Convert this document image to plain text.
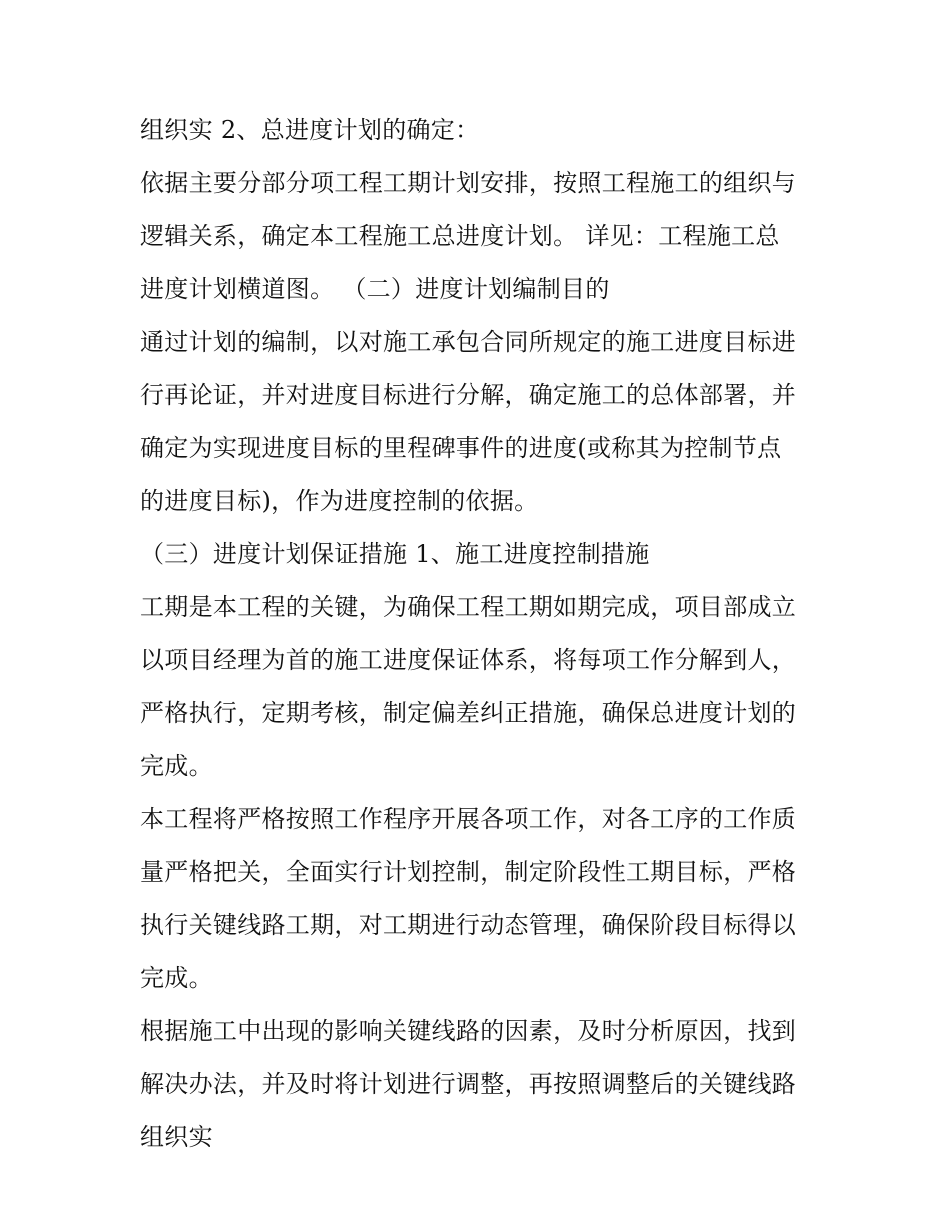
组织实 2、总进度计划的确定：
依据主要分部分项工程工期计划安排，按照工程施工的组织与
逻辑关系，确定本工程施工总进度计划。 详见：工程施工总
进度计划横道图。 （二）进度计划编制目的
通过计划的编制，以对施工承包合同所规定的施工进度目标进
行再论证，并对进度目标进行分解，确定施工的总体部署，并
确定为实现进度目标的里程碑事件的进度(或称其为控制节点
的进度目标)，作为进度控制的依据。
（三）进度计划保证措施 1、施工进度控制措施
工期是本工程的关键，为确保工程工期如期完成，项目部成立
以项目经理为首的施工进度保证体系，将每项工作分解到人，
严格执行，定期考核，制定偏差纠正措施，确保总进度计划的
完成。
本工程将严格按照工作程序开展各项工作，对各工序的工作质
量严格把关，全面实行计划控制，制定阶段性工期目标，严格
执行关键线路工期，对工期进行动态管理，确保阶段目标得以
完成。
根据施工中出现的影响关键线路的因素，及时分析原因，找到
解决办法，并及时将计划进行调整，再按照调整后的关键线路
组织实
